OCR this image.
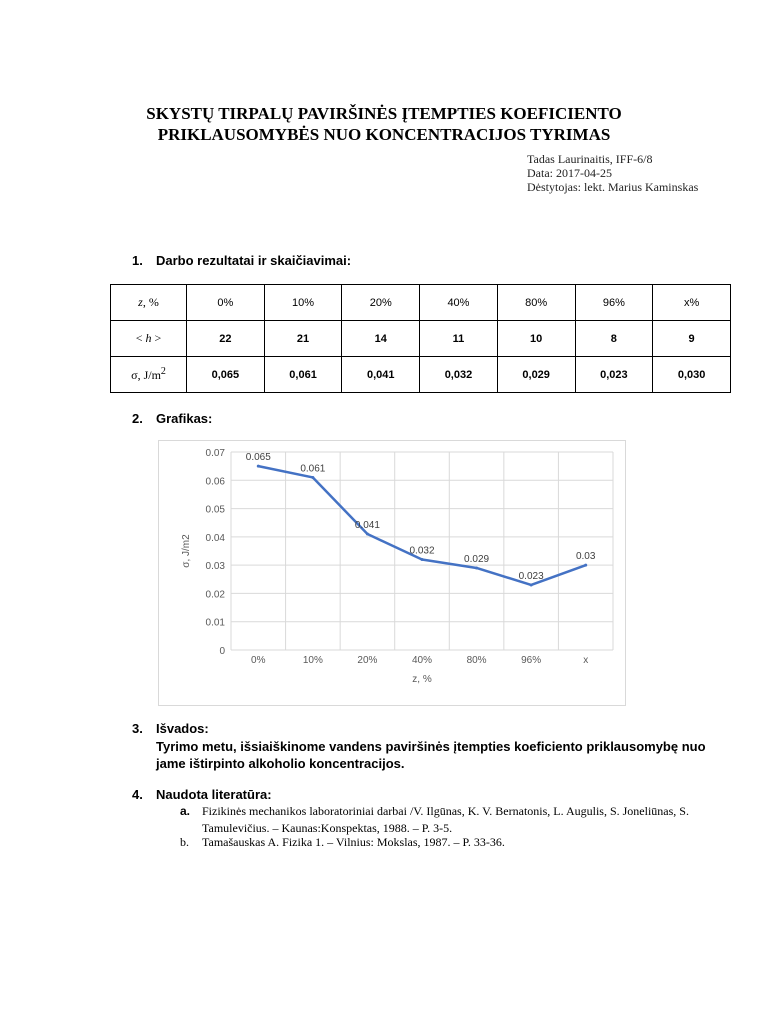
SKYSTŲ TIRPALŲ PAVIRŠINĖS ĮTEMPTIES KOEFICIENTO
PRIKLAUSOMYBĖS NUO KONCENTRACIJOS TYRIMAS
Tadas Laurinaitis, IFF-6/8
Data: 2017-04-25
Dėstytojas: lekt. Marius Kaminskas
1. Darbo rezultatai ir skaičiavimai:
z, %	0%	10%	20%	40%	80%	96%	x%
< h >	22	21	14	11	10	8	9
σ, $J/m^2$	0,065	0,061	0,041	0,032	0,029	0,023	0,030
2. Grafikas:
0
0.01
0.02
0.03
0.04
0.05
0.06
0.07
0%	10%	20%	40%	80%	96%	x
z, %
σ, J/m2
0.065
0.061
0.041
0.032
0.029
0.023
0.03
3. Išvados:
Tyrimo metu, išsiaiškinome vandens paviršinės įtempties koeficiento priklausomybę nuo jame ištirpinto alkoholio koncentracijos.
4. Naudota literatūra:
a. Fizikinės mechanikos laboratoriniai darbai /V. Ilgūnas, K. V. Bernatonis, L. Augulis, S. Joneliūnas, S. Tamulevičius. – Kaunas:Konspektas, 1988. – P. 3-5.
b. Tamašauskas A. Fizika 1. – Vilnius: Mokslas, 1987. – P. 33-36.
